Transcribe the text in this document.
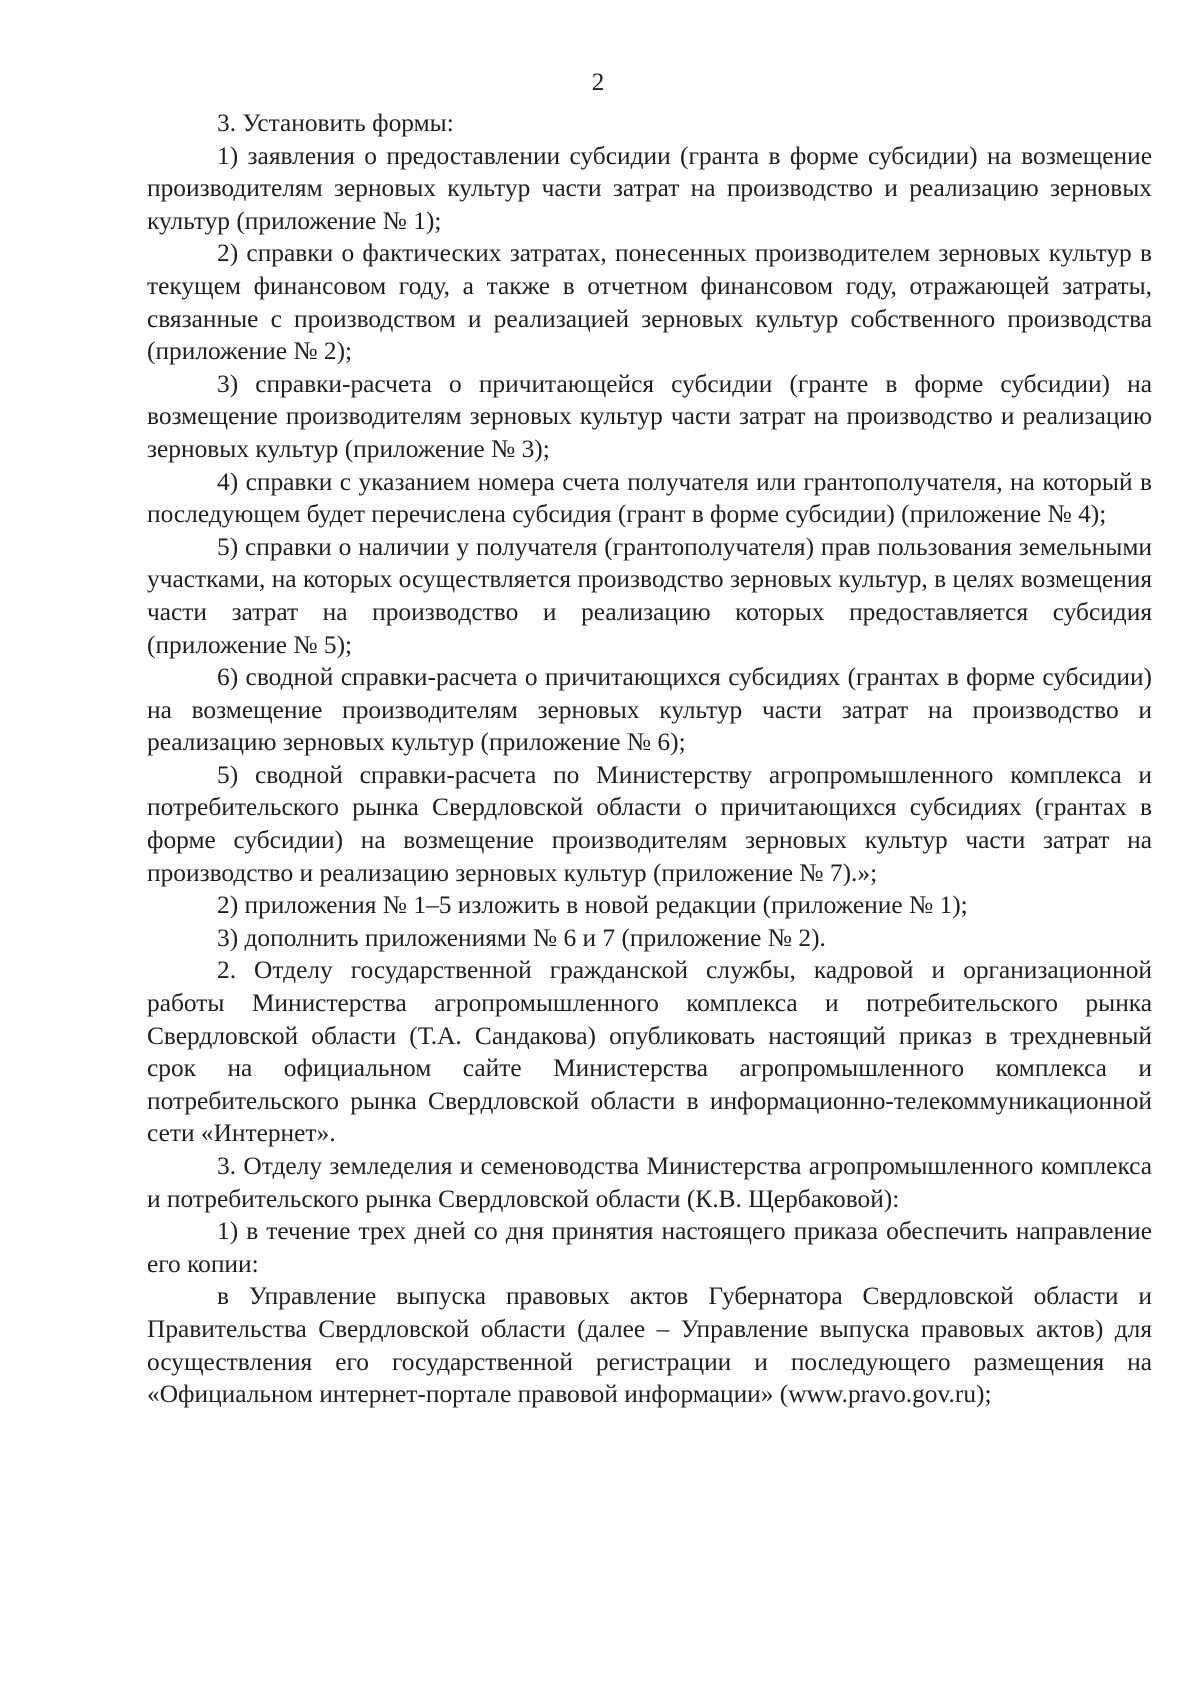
2

3. Установить формы:

1) заявления о предоставлении субсидии (гранта в форме субсидии) на возмещение производителям зерновых культур части затрат на производство и реализацию зерновых культур (приложение № 1);

2) справки о фактических затратах, понесенных производителем зерновых культур в текущем финансовом году, а также в отчетном финансовом году, отражающей затраты, связанные с производством и реализацией зерновых культур собственного производства (приложение № 2);

3) справки-расчета о причитающейся субсидии (гранте в форме субсидии) на возмещение производителям зерновых культур части затрат на производство и реализацию зерновых культур (приложение № 3);

4) справки с указанием номера счета получателя или грантополучателя, на который в последующем будет перечислена субсидия (грант в форме субсидии) (приложение № 4);

5) справки о наличии у получателя (грантополучателя) прав пользования земельными участками, на которых осуществляется производство зерновых культур, в целях возмещения части затрат на производство и реализацию которых предоставляется субсидия (приложение № 5);

6) сводной справки-расчета о причитающихся субсидиях (грантах в форме субсидии) на возмещение производителям зерновых культур части затрат на производство и реализацию зерновых культур (приложение № 6);

5) сводной справки-расчета по Министерству агропромышленного комплекса и потребительского рынка Свердловской области о причитающихся субсидиях (грантах в форме субсидии) на возмещение производителям зерновых культур части затрат на производство и реализацию зерновых культур (приложение № 7).»;

2) приложения № 1–5 изложить в новой редакции (приложение № 1);

3) дополнить приложениями № 6 и 7 (приложение № 2).

2. Отделу государственной гражданской службы, кадровой и организационной работы Министерства агропромышленного комплекса и потребительского рынка Свердловской области (Т.А. Сандакова) опубликовать настоящий приказ в трехдневный срок на официальном сайте Министерства агропромышленного комплекса и потребительского рынка Свердловской области в информационно-телекоммуникационной сети «Интернет».

3. Отделу земледелия и семеноводства Министерства агропромышленного комплекса и потребительского рынка Свердловской области (К.В. Щербаковой):

1) в течение трех дней со дня принятия настоящего приказа обеспечить направление его копии:

в Управление выпуска правовых актов Губернатора Свердловской области и Правительства Свердловской области (далее – Управление выпуска правовых актов) для осуществления его государственной регистрации и последующего размещения на «Официальном интернет-портале правовой информации» (www.pravo.gov.ru);
